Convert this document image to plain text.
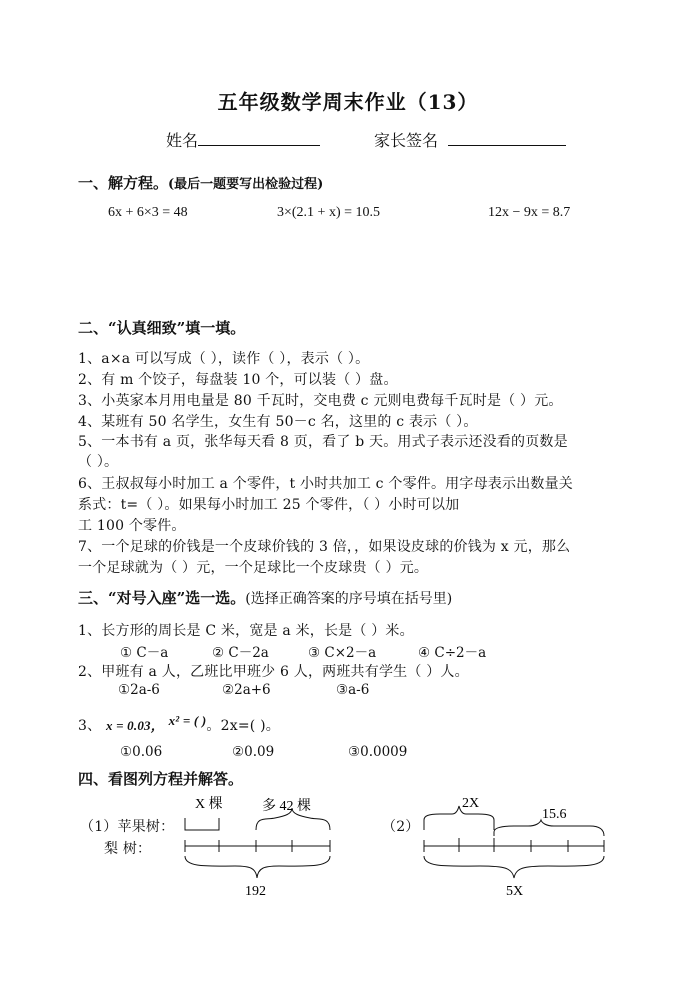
五年级数学周末作业（13）
姓名	家长签名
一、解方程。(最后一题要写出检验过程)
6x + 6×3 = 48	3×(2.1 + x) = 10.5	12x − 9x = 8.7
二、“认真细致”填一填。
1、a×a 可以写成（ ），读作（ ），表示（ ）。
2、有 m 个饺子，每盘装 10 个，可以装（ ）盘。
3、小英家本月用电量是 80 千瓦时，交电费 c 元则电费每千瓦时是（ ）元。
4、某班有 50 名学生，女生有 50－c 名，这里的 c 表示（ ）。
5、一本书有 a 页，张华每天看 8 页，看了 b 天。用式子表示还没看的页数是
（ ）。
6、王叔叔每小时加工 a 个零件，t 小时共加工 c 个零件。用字母表示出数量关
系式：t=（ ）。如果每小时加工 25 个零件，（ ）小时可以加
工 100 个零件。
7、一个足球的价钱是一个皮球价钱的 3 倍，，如果设皮球的价钱为 x 元，那么
一个足球就为（ ）元，一个足球比一个皮球贵（ ）元。
三、“对号入座”选一选。(选择正确答案的序号填在括号里)
1、长方形的周长是 C 米，宽是 a 米，长是（ ）米。
① C－a	② C－2a	③ C×2－a	④ C÷2－a
2、甲班有 a 人，乙班比甲班少 6 人，两班共有学生（ ）人。
①2a-6	②2a+6	③a-6
3、 x = 0.03， x² = ( )。2x=( )。
①0.06	②0.09	③0.0009
四、看图列方程并解答。
（1）苹果树：
梨 树：
（2）
X 棵	多 42 棵
192
2X
15.6
5X
